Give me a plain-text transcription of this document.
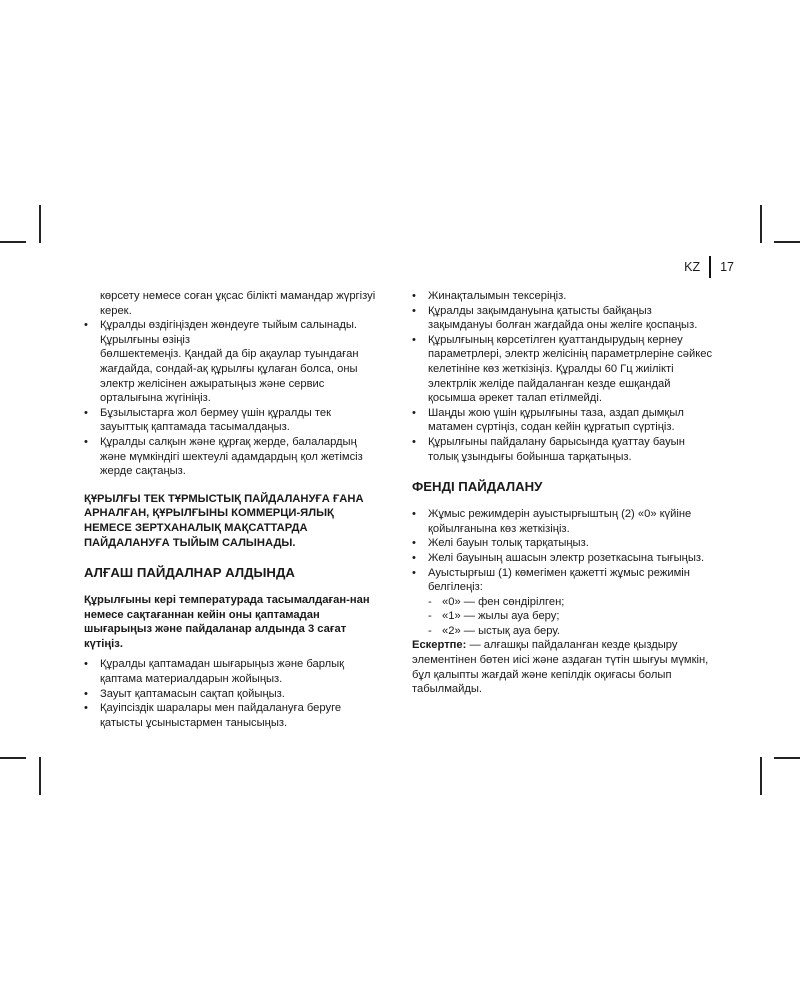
KZ	17
көрсету немесе соған ұқсас білікті мамандар жүргізуі керек.
• Құралды өздігіңізден жөндеуге тыйым салынады. Құрылғыны өзіңіз
бөлшектемеңіз. Қандай да бір ақаулар туындаған жағдайда, сондай-ақ құрылғы құлаған болса, оны электр желісінен ажыратыңыз және сервис орталығына жүгініңіз.
• Бұзылыстарға жол бермеу үшін құралды тек зауыттық қаптамада тасымалдаңыз.
• Құралды салқын және құрғақ жерде, балалардың және мүмкіндігі шектеулі адамдардың қол жетімсіз жерде сақтаңыз.
ҚҰРЫЛҒЫ ТЕК ТҰРМЫСТЫҚ ПАЙДАЛАНУҒА ҒАНА АРНАЛҒАН, ҚҰРЫЛҒЫНЫ КОММЕРЦИ-ЯЛЫҚ НЕМЕСЕ ЗЕРТХАНАЛЫҚ МАҚСАТТАРДА ПАЙДАЛАНУҒА ТЫЙЫМ САЛЫНАДЫ.
АЛҒАШ ПАЙДАЛНАР АЛДЫНДА
Құрылғыны кері температурада тасымалдаған-нан немесе сақтағаннан кейін оны қаптамадан шығарыңыз және пайдаланар алдында 3 сағат күтіңіз.
• Құралды қаптамадан шығарыңыз және барлық қаптама материалдарын жойыңыз.
• Зауыт қаптамасын сақтап қойыңыз.
• Қауіпсіздік шаралары мен пайдалануға беруге қатысты ұсыныстармен танысыңыз.
• Жинақталымын тексеріңіз.
• Құралды зақымдануына қатысты байқаңыз зақымдануы болған жағдайда оны желіге қоспаңыз.
• Құрылғының көрсетілген қуаттандырудың кернеу параметрлері, электр желісінің параметрлеріне сәйкес келетініне көз жеткізіңіз. Құралды 60 Гц жиілікті электрлік желіде пайдаланған кезде ешқандай қосымша әрекет талап етілмейді.
• Шаңды жою үшін құрылғыны таза, аздап дымқыл матамен сүртіңіз, содан кейін құрғатып сүртіңіз.
• Құрылғыны пайдалану барысында қуаттау бауын толық ұзындығы бойынша тарқатыңыз.
ФЕНДІ ПАЙДАЛАНУ
• Жұмыс режимдерін ауыстырғыштың (2) «0» күйіне қойылғанына көз жеткізіңіз.
• Желі бауын толық тарқатыңыз.
• Желі бауының ашасын электр розеткасына тығыңыз.
• Ауыстырғыш (1) көмегімен қажетті жұмыс режимін белгілеңіз:
- «0» — фен сөндірілген;
- «1» — жылы ауа беру;
- «2» — ыстық ауа беру.
Ескертпе: — алғашқы пайдаланған кезде қыздыру элементінен бөтен иісі және аздаған түтін шығуы мүмкін, бұл қалыпты жағдай және кепілдік оқиғасы болып табылмайды.
